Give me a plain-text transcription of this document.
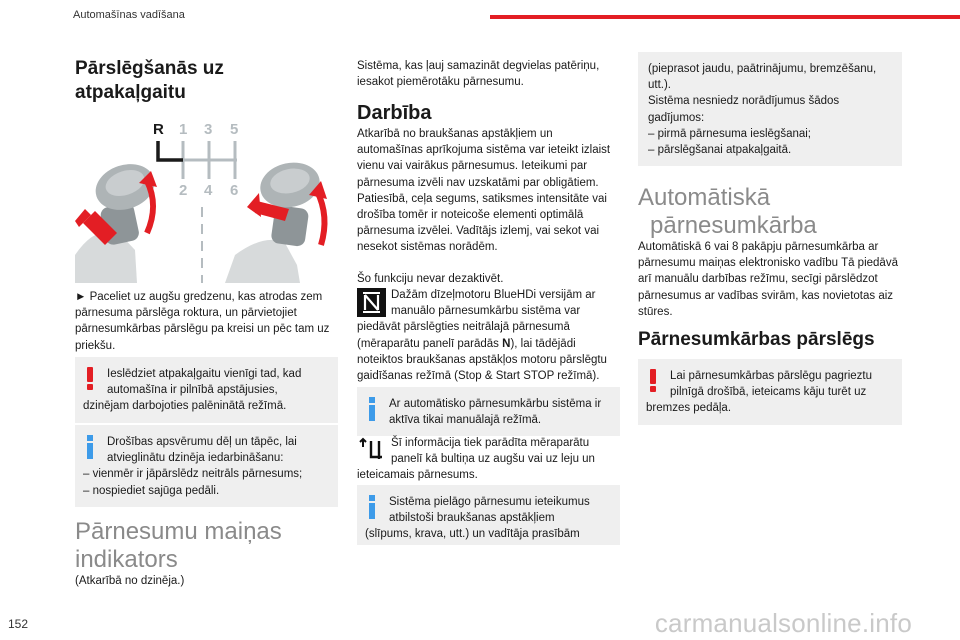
Automašīnas vadīšana
Pārslēgšanās uz
atpakaļgaitu
R 1 3 5
2 4 6
► Paceliet uz augšu gredzenu, kas atrodas zem pārnesuma pārslēga roktura, un pārvietojiet pārnesumkārbas pārslēgu pa kreisi un pēc tam uz priekšu.
Ieslēdziet atpakaļgaitu vienīgi tad, kad automašīna ir pilnībā apstājusies,
dzinējam darbojoties palēninātā režīmā.
Drošības apsvērumu dēļ un tāpēc, lai atvieglinātu dzinēja iedarbināšanu:
– vienmēr ir jāpārslēdz neitrāls pārnesums;
– nospiediet sajūga pedāli.
Pārnesumu maiņas
indikators
(Atkarībā no dzinēja.)
Sistēma, kas ļauj samazināt degvielas patēriņu, iesakot piemērotāku pārnesumu.
Darbība
Atkarībā no braukšanas apstākļiem un automašīnas aprīkojuma sistēma var ieteikt izlaist vienu vai vairākus pārnesumus. Ieteikumi par pārnesuma izvēli nav uzskatāmi par obligātiem. Patiesībā, ceļa segums, satiksmes intensitāte vai drošība tomēr ir noteicoše elementi optimālā pārnesuma izvēlei. Vadītājs izlemj, vai sekot vai nesekot sistēmas norādēm.
Šo funkciju nevar dezaktivēt.
Dažām dīzeļmotoru BlueHDi versijām ar manuālo pārnesumkārbu sistēma var
piedāvāt pārslēgties neitrālajā pārnesumā (mēraparātu panelī parādās N), lai tādējādi noteiktos braukšanas apstākļos motoru pārslēgtu gaidīšanas režīmā (Stop & Start STOP režīmā).
Ar automātisko pārnesumkārbu sistēma ir aktīva tikai manuālajā režīmā.
Šī informācija tiek parādīta mēraparātu panelī kā bultiņa uz augšu vai uz leju un
ieteicamais pārnesums.
Sistēma pielāgo pārnesumu ieteikumus atbilstoši braukšanas apstākļiem
(slīpums, krava, utt.) un vadītāja prasībām
(pieprasot jaudu, paātrinājumu, bremzēšanu, utt.).
Sistēma nesniedz norādījumus šādos gadījumos:
– pirmā pārnesuma ieslēgšanai;
– pārslēgšanai atpakaļgaitā.
Automātiskā
pārnesumkārba
Automātiskā 6 vai 8 pakāpju pārnesumkārba ar pārnesumu maiņas elektronisko vadību Tā piedāvā arī manuālu darbības režīmu, secīgi pārslēdzot pārnesumus ar vadības svirām, kas novietotas aiz stūres.
Pārnesumkārbas pārslēgs
Lai pārnesumkārbas pārslēgu pagrieztu pilnīgā drošībā, ieteicams kāju turēt uz
bremzes pedāļa.
152	carmanualsonline.info
